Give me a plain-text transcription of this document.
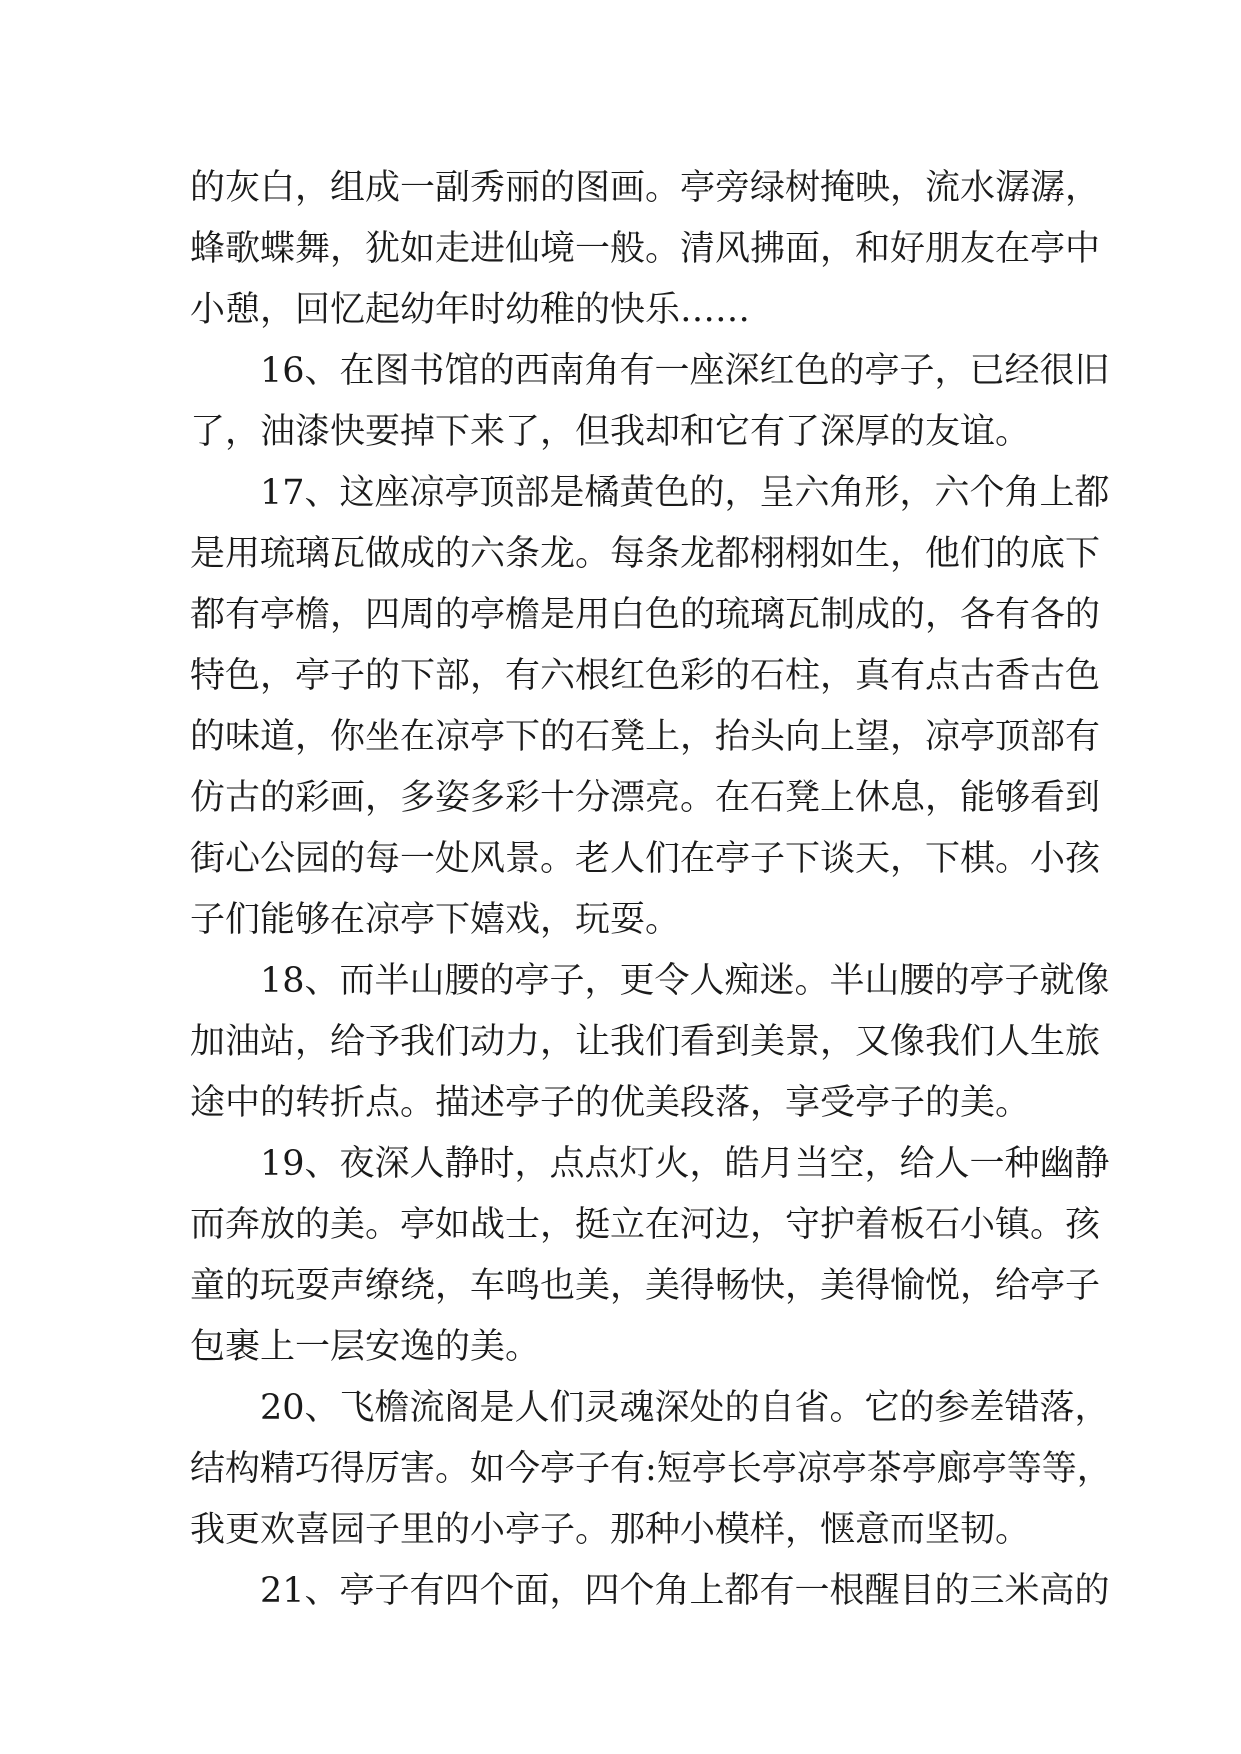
的灰白，组成一副秀丽的图画。亭旁绿树掩映，流水潺潺，
蜂歌蝶舞，犹如走进仙境一般。清风拂面，和好朋友在亭中
小憩，回忆起幼年时幼稚的快乐……
16、在图书馆的西南角有一座深红色的亭子，已经很旧
了，油漆快要掉下来了，但我却和它有了深厚的友谊。
17、这座凉亭顶部是橘黄色的，呈六角形，六个角上都
是用琉璃瓦做成的六条龙。每条龙都栩栩如生，他们的底下
都有亭檐，四周的亭檐是用白色的琉璃瓦制成的，各有各的
特色，亭子的下部，有六根红色彩的石柱，真有点古香古色
的味道，你坐在凉亭下的石凳上，抬头向上望，凉亭顶部有
仿古的彩画，多姿多彩十分漂亮。在石凳上休息，能够看到
街心公园的每一处风景。老人们在亭子下谈天，下棋。小孩
子们能够在凉亭下嬉戏，玩耍。
18、而半山腰的亭子，更令人痴迷。半山腰的亭子就像
加油站，给予我们动力，让我们看到美景，又像我们人生旅
途中的转折点。描述亭子的优美段落，享受亭子的美。
19、夜深人静时，点点灯火，皓月当空，给人一种幽静
而奔放的美。亭如战士，挺立在河边，守护着板石小镇。孩
童的玩耍声缭绕，车鸣也美，美得畅快，美得愉悦，给亭子
包裹上一层安逸的美。
20、飞檐流阁是人们灵魂深处的自省。它的参差错落，
结构精巧得厉害。如今亭子有:短亭长亭凉亭茶亭廊亭等等，
我更欢喜园子里的小亭子。那种小模样，惬意而坚韧。
21、亭子有四个面，四个角上都有一根醒目的三米高的
